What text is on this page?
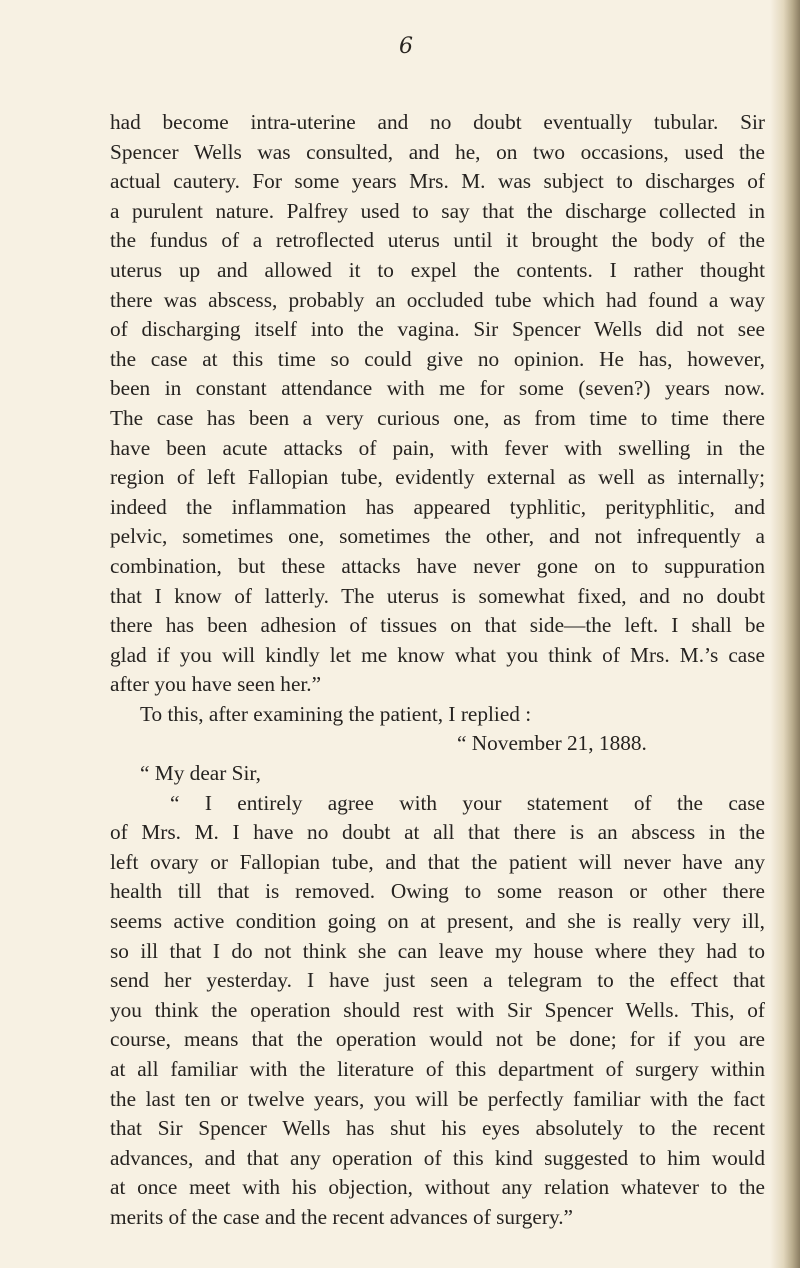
6
had become intra-uterine and no doubt eventually tubular. Sir
Spencer Wells was consulted, and he, on two occasions, used the
actual cautery. For some years Mrs. M. was subject to discharges of
a purulent nature. Palfrey used to say that the discharge collected in
the fundus of a retroflected uterus until it brought the body of the
uterus up and allowed it to expel the contents. I rather thought
there was abscess, probably an occluded tube which had found a way
of discharging itself into the vagina. Sir Spencer Wells did not see
the case at this time so could give no opinion. He has, however,
been in constant attendance with me for some (seven?) years now.
The case has been a very curious one, as from time to time there
have been acute attacks of pain, with fever with swelling in the
region of left Fallopian tube, evidently external as well as internally;
indeed the inflammation has appeared typhlitic, perityphlitic, and
pelvic, sometimes one, sometimes the other, and not infrequently a
combination, but these attacks have never gone on to suppuration
that I know of latterly. The uterus is somewhat fixed, and no doubt
there has been adhesion of tissues on that side—the left. I shall be
glad if you will kindly let me know what you think of Mrs. M.’s case
after you have seen her.”
To this, after examining the patient, I replied :
“ November 21, 1888.
“ My dear Sir,
“ I entirely agree with your statement of the case
of Mrs. M. I have no doubt at all that there is an abscess in the
left ovary or Fallopian tube, and that the patient will never have any
health till that is removed. Owing to some reason or other there
seems active condition going on at present, and she is really very ill,
so ill that I do not think she can leave my house where they had to
send her yesterday. I have just seen a telegram to the effect that
you think the operation should rest with Sir Spencer Wells. This, of
course, means that the operation would not be done; for if you are
at all familiar with the literature of this department of surgery within
the last ten or twelve years, you will be perfectly familiar with the fact
that Sir Spencer Wells has shut his eyes absolutely to the recent
advances, and that any operation of this kind suggested to him would
at once meet with his objection, without any relation whatever to the
merits of the case and the recent advances of surgery.”
